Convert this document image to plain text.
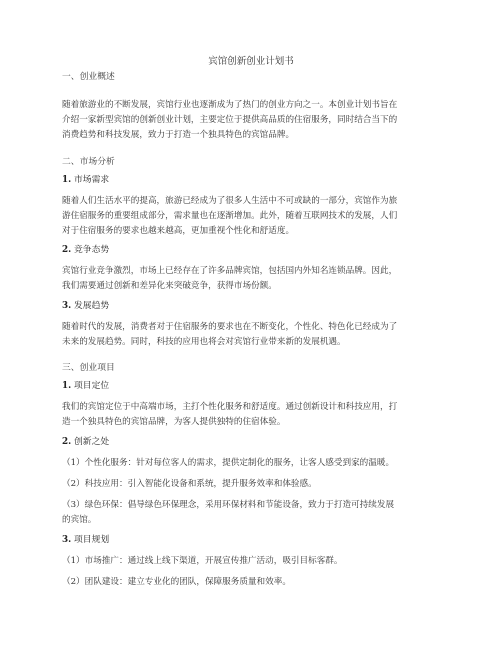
宾馆创新创业计划书
一、创业概述
随着旅游业的不断发展，宾馆行业也逐渐成为了热门的创业方向之一。本创业计划书旨在
介绍一家新型宾馆的创新创业计划，主要定位于提供高品质的住宿服务，同时结合当下的
消费趋势和科技发展，致力于打造一个独具特色的宾馆品牌。
二、市场分析
1. 市场需求
随着人们生活水平的提高，旅游已经成为了很多人生活中不可或缺的一部分，宾馆作为旅
游住宿服务的重要组成部分，需求量也在逐渐增加。此外，随着互联网技术的发展，人们
对于住宿服务的要求也越来越高，更加重视个性化和舒适度。
2. 竞争态势
宾馆行业竞争激烈，市场上已经存在了许多品牌宾馆，包括国内外知名连锁品牌。因此，
我们需要通过创新和差异化来突破竞争，获得市场份额。
3. 发展趋势
随着时代的发展，消费者对于住宿服务的要求也在不断变化，个性化、特色化已经成为了
未来的发展趋势。同时，科技的应用也将会对宾馆行业带来新的发展机遇。
三、创业项目
1. 项目定位
我们的宾馆定位于中高端市场，主打个性化服务和舒适度。通过创新设计和科技应用，打
造一个独具特色的宾馆品牌，为客人提供独特的住宿体验。
2. 创新之处
（1）个性化服务：针对每位客人的需求，提供定制化的服务，让客人感受到家的温暖。
（2）科技应用：引入智能化设备和系统，提升服务效率和体验感。
（3）绿色环保：倡导绿色环保理念，采用环保材料和节能设备，致力于打造可持续发展
的宾馆。
3. 项目规划
（1）市场推广：通过线上线下渠道，开展宣传推广活动，吸引目标客群。
（2）团队建设：建立专业化的团队，保障服务质量和效率。
